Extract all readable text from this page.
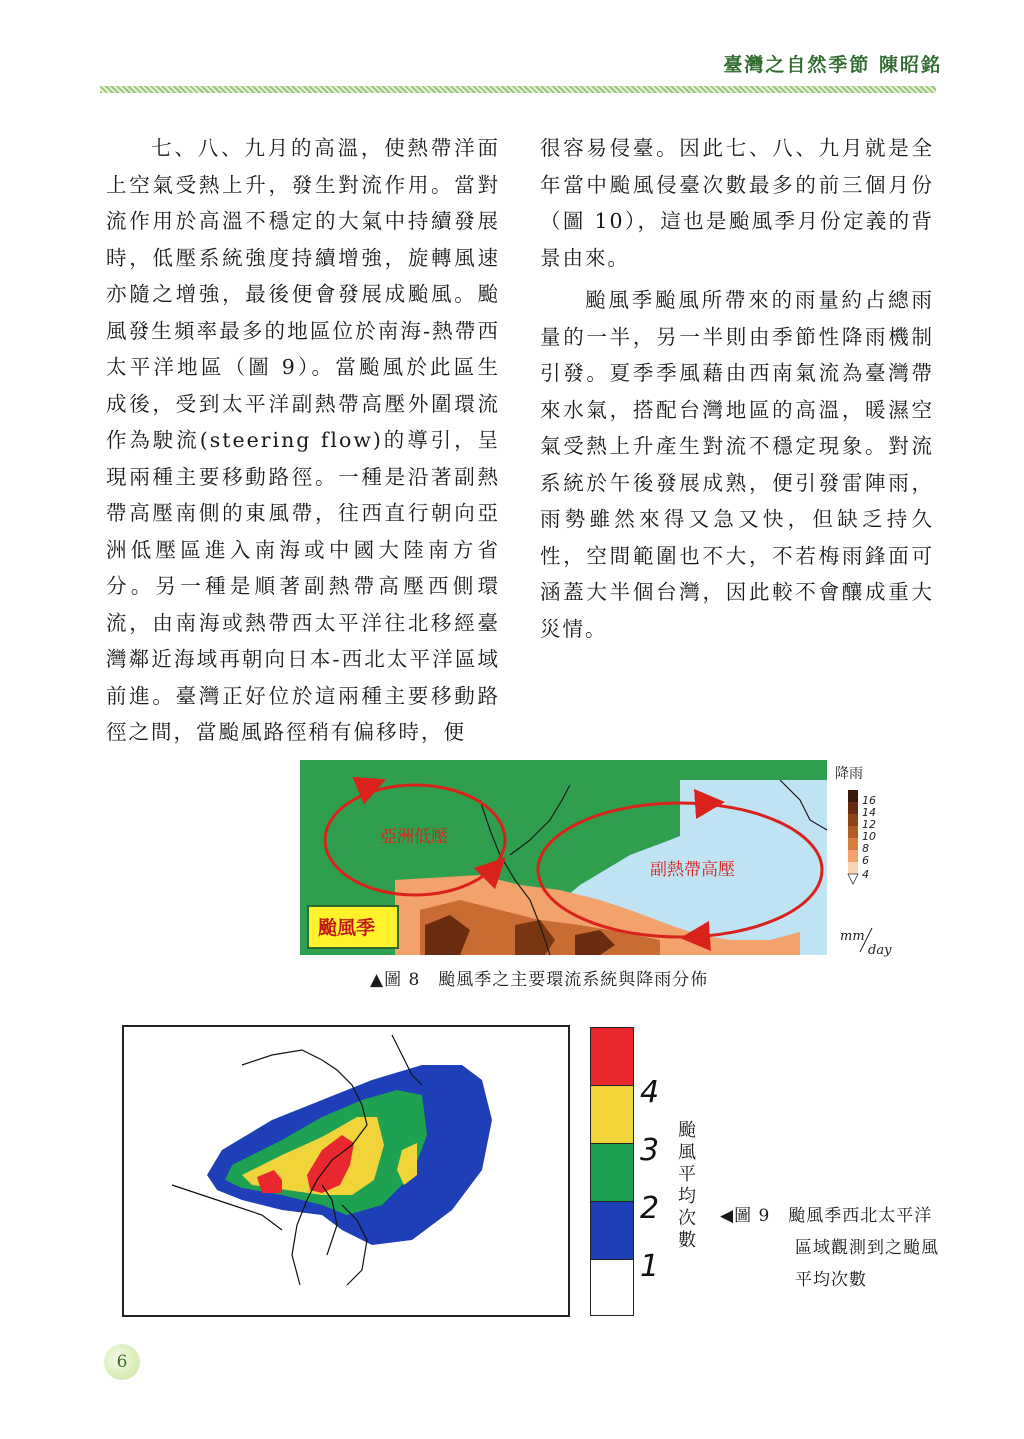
臺灣之自然季節 陳昭銘

七、八、九月的高溫，使熱帶洋面上空氣受熱上升，發生對流作用。當對流作用於高溫不穩定的大氣中持續發展時，低壓系統強度持續增強，旋轉風速亦隨之增強，最後便會發展成颱風。颱風發生頻率最多的地區位於南海-熱帶西太平洋地區（圖 9）。當颱風於此區生成後，受到太平洋副熱帶高壓外圍環流作為駛流(steering flow)的導引，呈現兩種主要移動路徑。一種是沿著副熱帶高壓南側的東風帶，往西直行朝向亞洲低壓區進入南海或中國大陸南方省分。另一種是順著副熱帶高壓西側環流，由南海或熱帶西太平洋往北移經臺灣鄰近海域再朝向日本-西北太平洋區域前進。臺灣正好位於這兩種主要移動路徑之間，當颱風路徑稍有偏移時，便

很容易侵臺。因此七、八、九月就是全年當中颱風侵臺次數最多的前三個月份（圖 10），這也是颱風季月份定義的背景由來。

颱風季颱風所帶來的雨量約占總雨量的一半，另一半則由季節性降雨機制引發。夏季季風藉由西南氣流為臺灣帶來水氣，搭配台灣地區的高溫，暖濕空氣受熱上升產生對流不穩定現象。對流系統於午後發展成熟，便引發雷陣雨，雨勢雖然來得又急又快，但缺乏持久性，空間範圍也不大，不若梅雨鋒面可涵蓋大半個台灣，因此較不會釀成重大災情。

亞洲低壓
副熱帶高壓
颱風季
降雨
16
14
12
10
8
6
4
mm
day
▲圖 8　颱風季之主要環流系統與降雨分佈
4
3
2
1
颱風平均次數
◀圖 9　颱風季西北太平洋
區域觀測到之颱風
平均次數
6
